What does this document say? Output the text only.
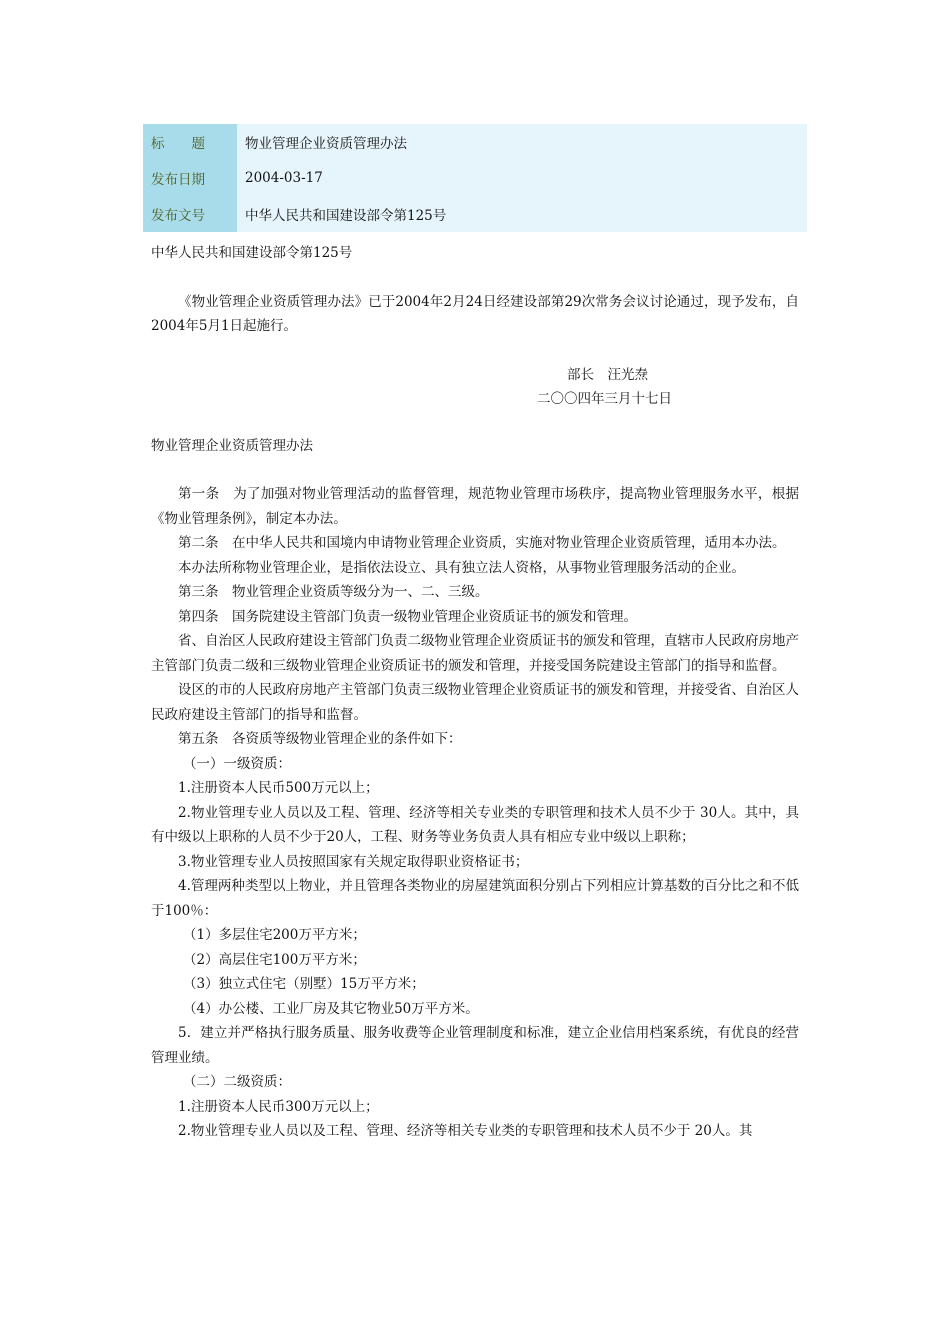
标　　题	物业管理企业资质管理办法
发布日期	2004-03-17
发布文号	中华人民共和国建设部令第125号

中华人民共和国建设部令第125号

《物业管理企业资质管理办法》已于2004年2月24日经建设部第29次常务会议讨论通过，现予发布，自2004年5月1日起施行。

部长　汪光焘

二〇〇四年三月十七日

物业管理企业资质管理办法

第一条　为了加强对物业管理活动的监督管理，规范物业管理市场秩序，提高物业管理服务水平，根据《物业管理条例》，制定本办法。

第二条　在中华人民共和国境内申请物业管理企业资质，实施对物业管理企业资质管理，适用本办法。

本办法所称物业管理企业，是指依法设立、具有独立法人资格，从事物业管理服务活动的企业。

第三条　物业管理企业资质等级分为一、二、三级。

第四条　国务院建设主管部门负责一级物业管理企业资质证书的颁发和管理。

省、自治区人民政府建设主管部门负责二级物业管理企业资质证书的颁发和管理，直辖市人民政府房地产主管部门负责二级和三级物业管理企业资质证书的颁发和管理，并接受国务院建设主管部门的指导和监督。

设区的市的人民政府房地产主管部门负责三级物业管理企业资质证书的颁发和管理，并接受省、自治区人民政府建设主管部门的指导和监督。

第五条　各资质等级物业管理企业的条件如下：

（一）一级资质：

1.注册资本人民币500万元以上；

2.物业管理专业人员以及工程、管理、经济等相关专业类的专职管理和技术人员不少于 30人。其中，具有中级以上职称的人员不少于20人，工程、财务等业务负责人具有相应专业中级以上职称；

3.物业管理专业人员按照国家有关规定取得职业资格证书；

4.管理两种类型以上物业，并且管理各类物业的房屋建筑面积分别占下列相应计算基数的百分比之和不低于100％：

（1）多层住宅200万平方米；

（2）高层住宅100万平方米；

（3）独立式住宅（别墅）15万平方米；

（4）办公楼、工业厂房及其它物业50万平方米。

5．建立并严格执行服务质量、服务收费等企业管理制度和标准，建立企业信用档案系统，有优良的经营管理业绩。

（二）二级资质：

1.注册资本人民币300万元以上；

2.物业管理专业人员以及工程、管理、经济等相关专业类的专职管理和技术人员不少于 20人。其
